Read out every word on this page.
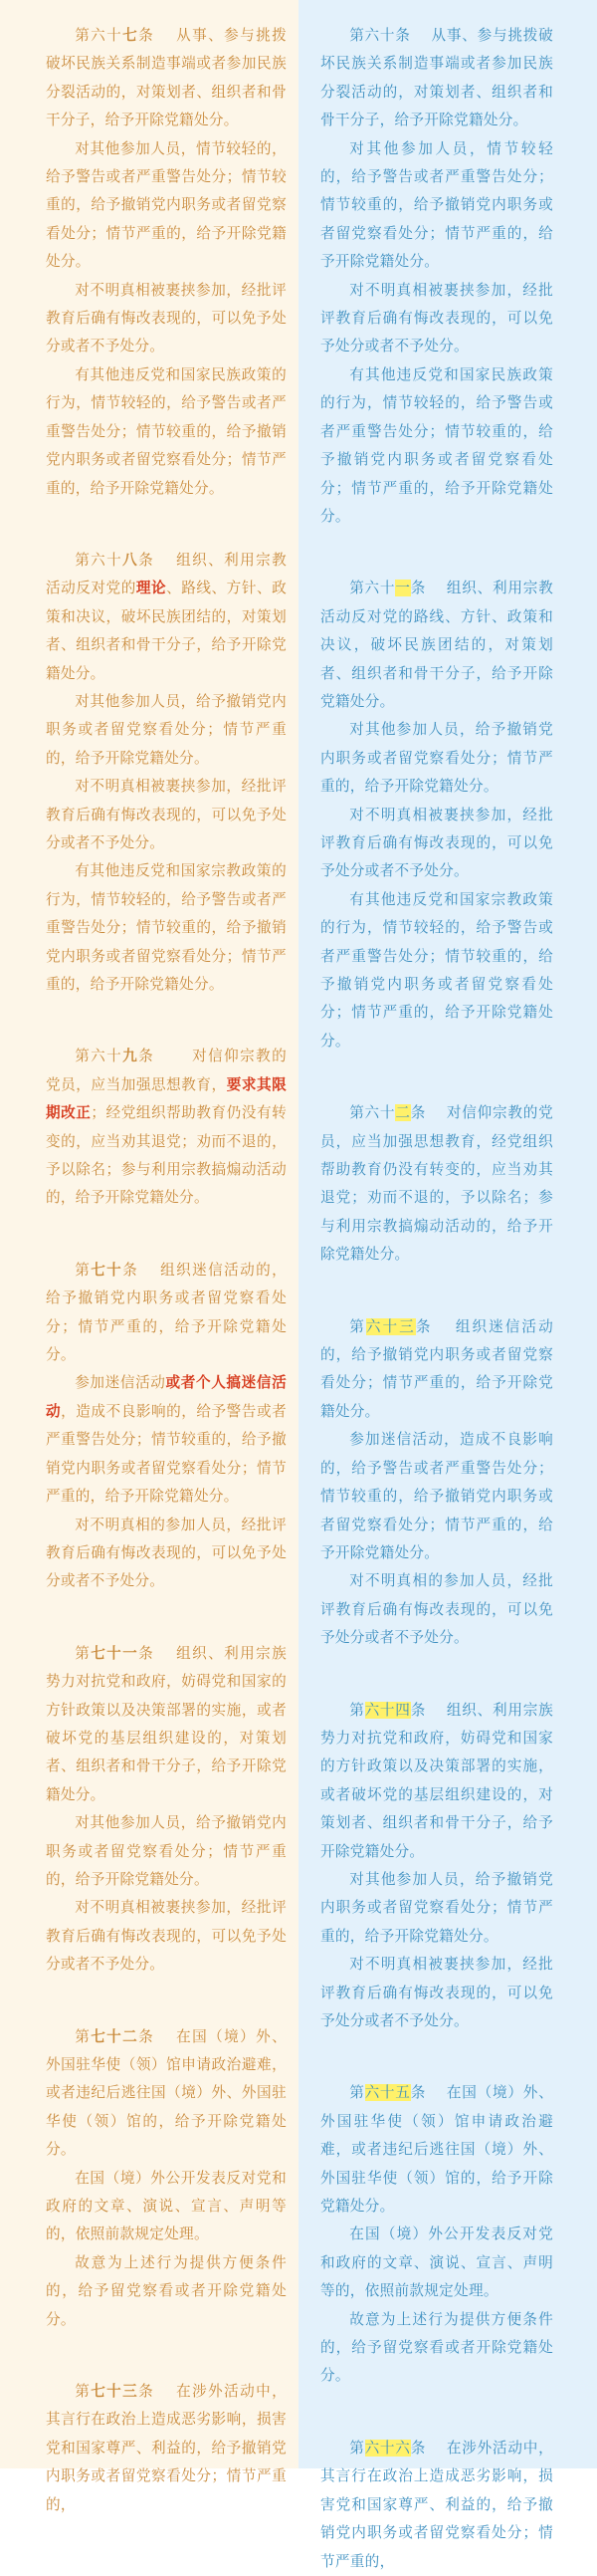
第六十七条　 从事、参与挑拨破坏民族关系制造事端或者参加民族分裂活动的，对策划者、组织者和骨干分子，给予开除党籍处分。

对其他参加人员，情节较轻的，给予警告或者严重警告处分；情节较重的，给予撤销党内职务或者留党察看处分；情节严重的，给予开除党籍处分。

对不明真相被裹挟参加，经批评教育后确有悔改表现的，可以免予处分或者不予处分。

有其他违反党和国家民族政策的行为，情节较轻的，给予警告或者严重警告处分；情节较重的，给予撤销党内职务或者留党察看处分；情节严重的，给予开除党籍处分。

第六十八条　 组织、利用宗教活动反对党的理论、路线、方针、政策和决议，破坏民族团结的，对策划者、组织者和骨干分子，给予开除党籍处分。

对其他参加人员，给予撤销党内职务或者留党察看处分；情节严重的，给予开除党籍处分。

对不明真相被裹挟参加，经批评教育后确有悔改表现的，可以免予处分或者不予处分。

有其他违反党和国家宗教政策的行为，情节较轻的，给予警告或者严重警告处分；情节较重的，给予撤销党内职务或者留党察看处分；情节严重的，给予开除党籍处分。

第六十九条　　 对信仰宗教的党员，应当加强思想教育，要求其限期改正；经党组织帮助教育仍没有转变的，应当劝其退党；劝而不退的，予以除名；参与利用宗教搞煽动活动的，给予开除党籍处分。

第七十条　 组织迷信活动的，给予撤销党内职务或者留党察看处分；情节严重的，给予开除党籍处分。

参加迷信活动或者个人搞迷信活动，造成不良影响的，给予警告或者严重警告处分；情节较重的，给予撤销党内职务或者留党察看处分；情节严重的，给予开除党籍处分。

对不明真相的参加人员，经批评教育后确有悔改表现的，可以免予处分或者不予处分。

第七十一条　 组织、利用宗族势力对抗党和政府，妨碍党和国家的方针政策以及决策部署的实施，或者破坏党的基层组织建设的，对策划者、组织者和骨干分子，给予开除党籍处分。

对其他参加人员，给予撤销党内职务或者留党察看处分；情节严重的，给予开除党籍处分。

对不明真相被裹挟参加，经批评教育后确有悔改表现的，可以免予处分或者不予处分。

第七十二条　 在国（境）外、外国驻华使（领）馆申请政治避难，或者违纪后逃往国（境）外、外国驻华使（领）馆的，给予开除党籍处分。

在国（境）外公开发表反对党和政府的文章、演说、宣言、声明等的，依照前款规定处理。

故意为上述行为提供方便条件的，给予留党察看或者开除党籍处分。

第七十三条　 在涉外活动中，其言行在政治上造成恶劣影响，损害党和国家尊严、利益的，给予撤销党内职务或者留党察看处分；情节严重的，

第六十条　 从事、参与挑拨破坏民族关系制造事端或者参加民族分裂活动的，对策划者、组织者和骨干分子，给予开除党籍处分。

对其他参加人员，情节较轻的，给予警告或者严重警告处分；情节较重的，给予撤销党内职务或者留党察看处分；情节严重的，给予开除党籍处分。

对不明真相被裹挟参加，经批评教育后确有悔改表现的，可以免予处分或者不予处分。

有其他违反党和国家民族政策的行为，情节较轻的，给予警告或者严重警告处分；情节较重的，给予撤销党内职务或者留党察看处分；情节严重的，给予开除党籍处分。

第六十一条　 组织、利用宗教活动反对党的路线、方针、政策和决议，破坏民族团结的，对策划者、组织者和骨干分子，给予开除党籍处分。

对其他参加人员，给予撤销党内职务或者留党察看处分；情节严重的，给予开除党籍处分。

对不明真相被裹挟参加，经批评教育后确有悔改表现的，可以免予处分或者不予处分。

有其他违反党和国家宗教政策的行为，情节较轻的，给予警告或者严重警告处分；情节较重的，给予撤销党内职务或者留党察看处分；情节严重的，给予开除党籍处分。

第六十二条　 对信仰宗教的党员，应当加强思想教育，经党组织帮助教育仍没有转变的，应当劝其退党；劝而不退的，予以除名；参与利用宗教搞煽动活动的，给予开除党籍处分。

第六十三条　 组织迷信活动的，给予撤销党内职务或者留党察看处分；情节严重的，给予开除党籍处分。

参加迷信活动，造成不良影响的，给予警告或者严重警告处分；情节较重的，给予撤销党内职务或者留党察看处分；情节严重的，给予开除党籍处分。

对不明真相的参加人员，经批评教育后确有悔改表现的，可以免予处分或者不予处分。

第六十四条　 组织、利用宗族势力对抗党和政府，妨碍党和国家的方针政策以及决策部署的实施，或者破坏党的基层组织建设的，对策划者、组织者和骨干分子，给予开除党籍处分。

对其他参加人员，给予撤销党内职务或者留党察看处分；情节严重的，给予开除党籍处分。

对不明真相被裹挟参加，经批评教育后确有悔改表现的，可以免予处分或者不予处分。

第六十五条　 在国（境）外、外国驻华使（领）馆申请政治避难，或者违纪后逃往国（境）外、外国驻华使（领）馆的，给予开除党籍处分。

在国（境）外公开发表反对党和政府的文章、演说、宣言、声明等的，依照前款规定处理。

故意为上述行为提供方便条件的，给予留党察看或者开除党籍处分。

第六十六条　 在涉外活动中，其言行在政治上造成恶劣影响，损害党和国家尊严、利益的，给予撤销党内职务或者留党察看处分；情节严重的，
